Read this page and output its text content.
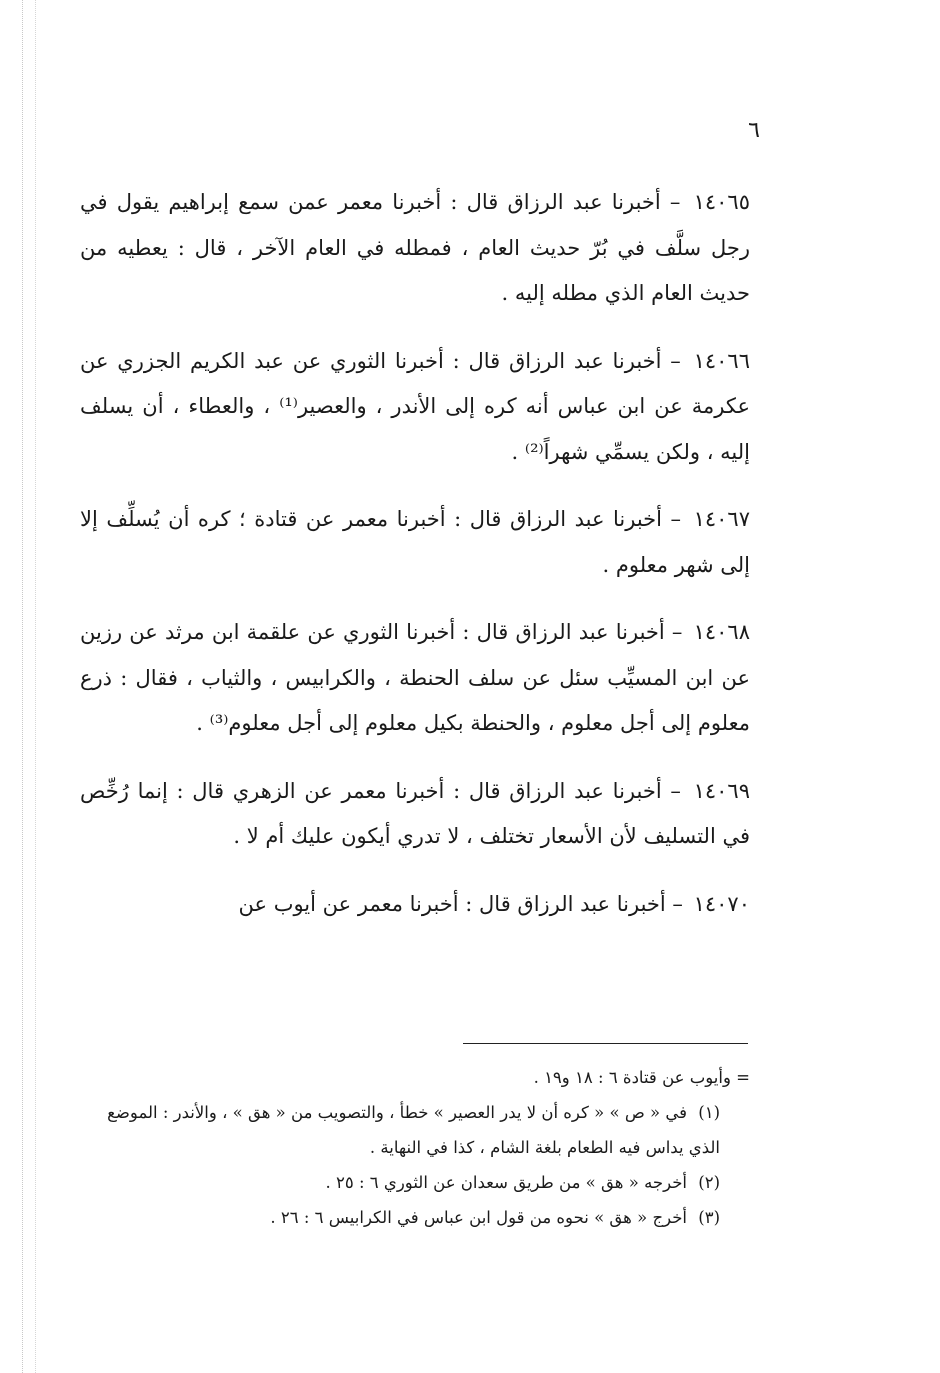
٦

١٤٠٦٥ – أخبرنا عبد الرزاق قال : أخبرنا معمر عمن سمع إبراهيم يقول في رجل سلَّف في بُرّ حديث العام ، فمطله في العام الآخر ، قال : يعطيه من حديث العام الذي مطله إليه .

١٤٠٦٦ – أخبرنا عبد الرزاق قال : أخبرنا الثوري عن عبد الكريم الجزري عن عكرمة عن ابن عباس أنه كره إلى الأندر ، والعصير⁽¹⁾ ، والعطاء ، أن يسلف إليه ، ولكن يسمِّي شهراً⁽²⁾ .

١٤٠٦٧ – أخبرنا عبد الرزاق قال : أخبرنا معمر عن قتادة ؛ كره أن يُسلِّف إلا إلى شهر معلوم .

١٤٠٦٨ – أخبرنا عبد الرزاق قال : أخبرنا الثوري عن علقمة ابن مرثد عن رزين عن ابن المسيِّب سئل عن سلف الحنطة ، والكرابيس ، والثياب ، فقال : ذرع معلوم إلى أجل معلوم ، والحنطة بكيل معلوم إلى أجل معلوم⁽³⁾ .

١٤٠٦٩ – أخبرنا عبد الرزاق قال : أخبرنا معمر عن الزهري قال : إنما رُخِّص في التسليف لأن الأسعار تختلف ، لا تدري أيكون عليك أم لا .

١٤٠٧٠ – أخبرنا عبد الرزاق قال : أخبرنا معمر عن أيوب عن

= وأيوب عن قتادة ٦ : ١٨ و١٩ .

(١) في « ص » « كره أن لا يدر العصير » خطأ ، والتصويب من « هق » ، والأندر : الموضع الذي يداس فيه الطعام بلغة الشام ، كذا في النهاية .

(٢) أخرجه « هق » من طريق سعدان عن الثوري ٦ : ٢٥ .

(٣) أخرج « هق » نحوه من قول ابن عباس في الكرابيس ٦ : ٢٦ .
